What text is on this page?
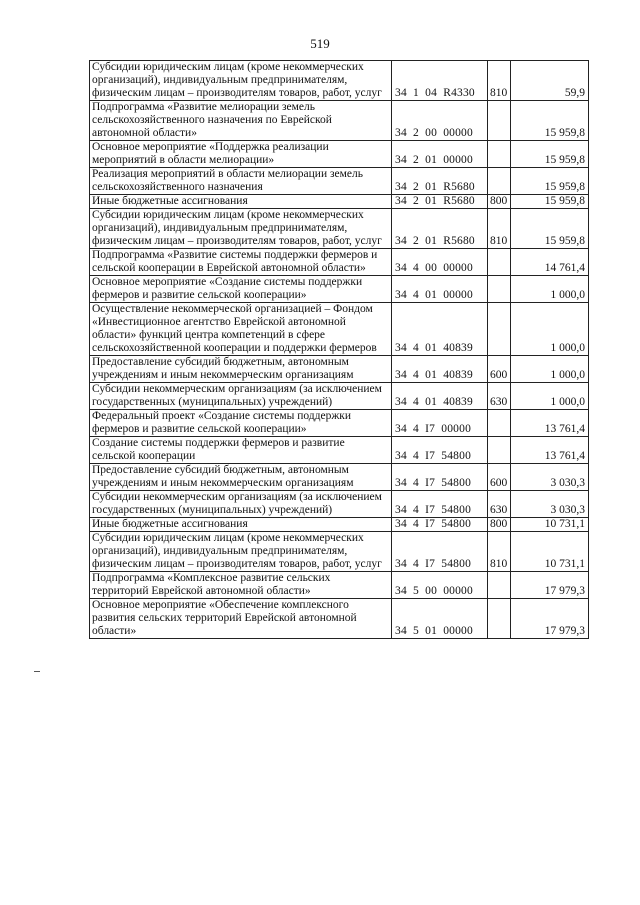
519
Субсидии юридическим лицам (кроме некоммерческих организаций), индивидуальным предпринимателям, физическим лицам – производителям товаров, работ, услуг	34  1  04  R4330	810	59,9
Подпрограмма «Развитие мелиорации земель сельскохозяйственного назначения по Еврейской автономной области»	34  2  00  00000		15 959,8
Основное мероприятие «Поддержка реализации мероприятий в области мелиорации»	34  2  01  00000		15 959,8
Реализация мероприятий в области мелиорации земель сельскохозяйственного назначения	34  2  01  R5680		15 959,8
Иные бюджетные ассигнования	34  2  01  R5680	800	15 959,8
Субсидии юридическим лицам (кроме некоммерческих организаций), индивидуальным предпринимателям, физическим лицам – производителям товаров, работ, услуг	34  2  01  R5680	810	15 959,8
Подпрограмма «Развитие системы поддержки фермеров и сельской кооперации в Еврейской автономной области»	34  4  00  00000		14 761,4
Основное мероприятие «Создание системы поддержки фермеров и развитие сельской кооперации»	34  4  01  00000		1 000,0
Осуществление некоммерческой организацией – Фондом «Инвестиционное агентство Еврейской автономной области» функций центра компетенций в сфере сельскохозяйственной кооперации и поддержки фермеров	34  4  01  40839		1 000,0
Предоставление субсидий бюджетным, автономным учреждениям и иным некоммерческим организациям	34  4  01  40839	600	1 000,0
Субсидии некоммерческим организациям (за исключением государственных (муниципальных) учреждений)	34  4  01  40839	630	1 000,0
Федеральный проект «Создание системы поддержки фермеров и развитие сельской кооперации»	34  4  I7  00000		13 761,4
Создание системы поддержки фермеров и развитие сельской кооперации	34  4  I7  54800		13 761,4
Предоставление субсидий бюджетным, автономным учреждениям и иным некоммерческим организациям	34  4  I7  54800	600	3 030,3
Субсидии некоммерческим организациям (за исключением государственных (муниципальных) учреждений)	34  4  I7  54800	630	3 030,3
Иные бюджетные ассигнования	34  4  I7  54800	800	10 731,1
Субсидии юридическим лицам (кроме некоммерческих организаций), индивидуальным предпринимателям, физическим лицам – производителям товаров, работ, услуг	34  4  I7  54800	810	10 731,1
Подпрограмма «Комплексное развитие сельских территорий Еврейской автономной области»	34  5  00  00000		17 979,3
Основное мероприятие «Обеспечение комплексного развития сельских территорий Еврейской автономной области»	34  5  01  00000		17 979,3
